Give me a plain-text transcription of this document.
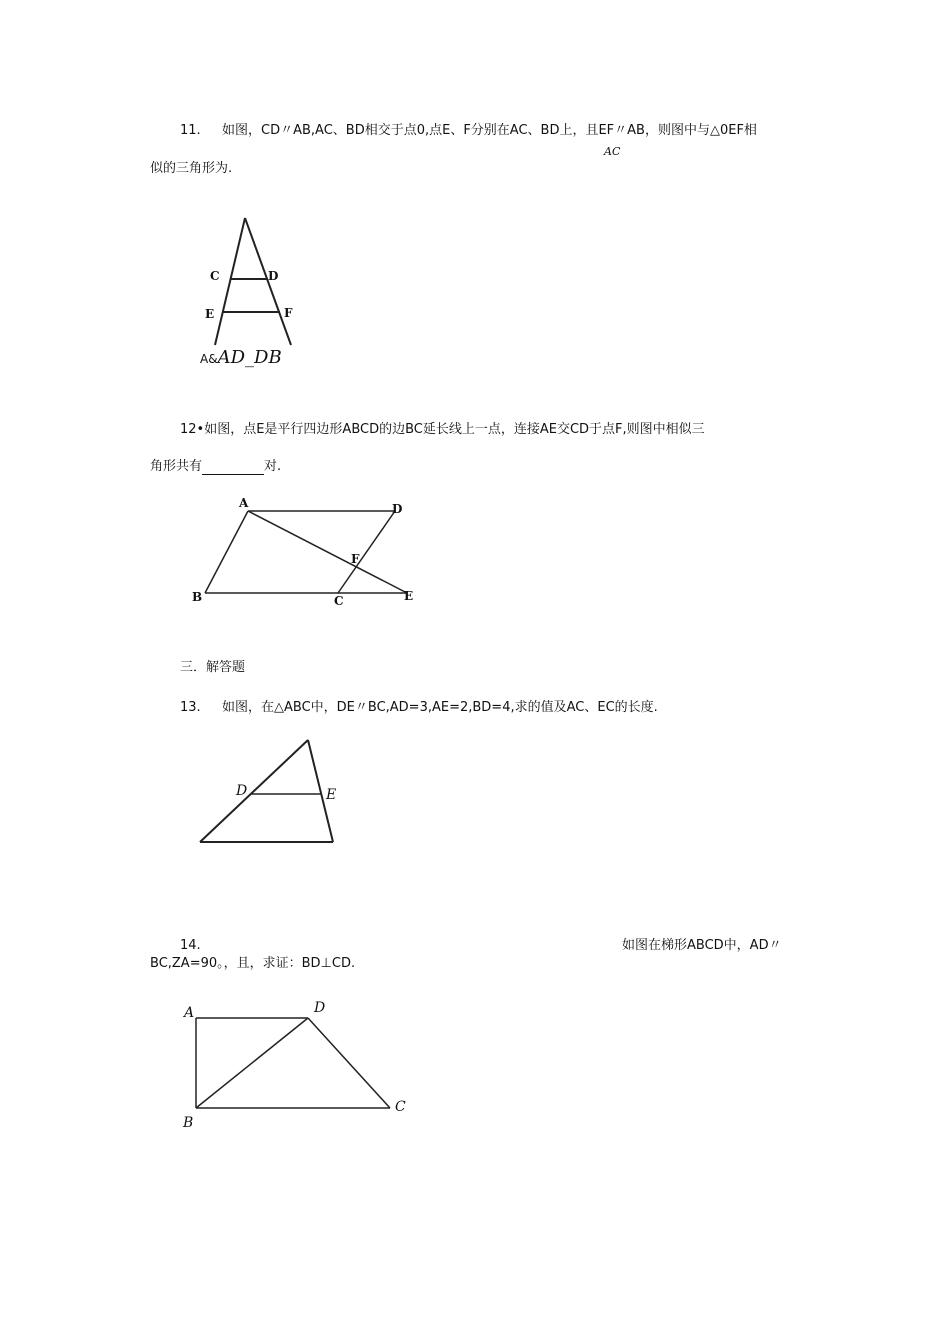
11. 如图，CD〃AB,AC、BD相交于点0,点E、F分别在AC、BD上，且EF〃AB，则图中与△0EF相
AC
似的三角形为.
C	D
E	F
A&AD_DB
12•如图，点E是平行四边形ABCD的边BC延长线上一点，连接AE交CD于点F,则图中相似三
角形共有	对.
A	D
F
B	C	E
三．解答题
13. 如图，在△ABC中，DE〃BC,AD=3,AE=2,BD=4,求的值及AC、EC的长度.
D	E
14.	如图在梯形ABCD中，AD〃
BC,ZA=90。，且，求证：BD⊥CD.
A	D
B
C
